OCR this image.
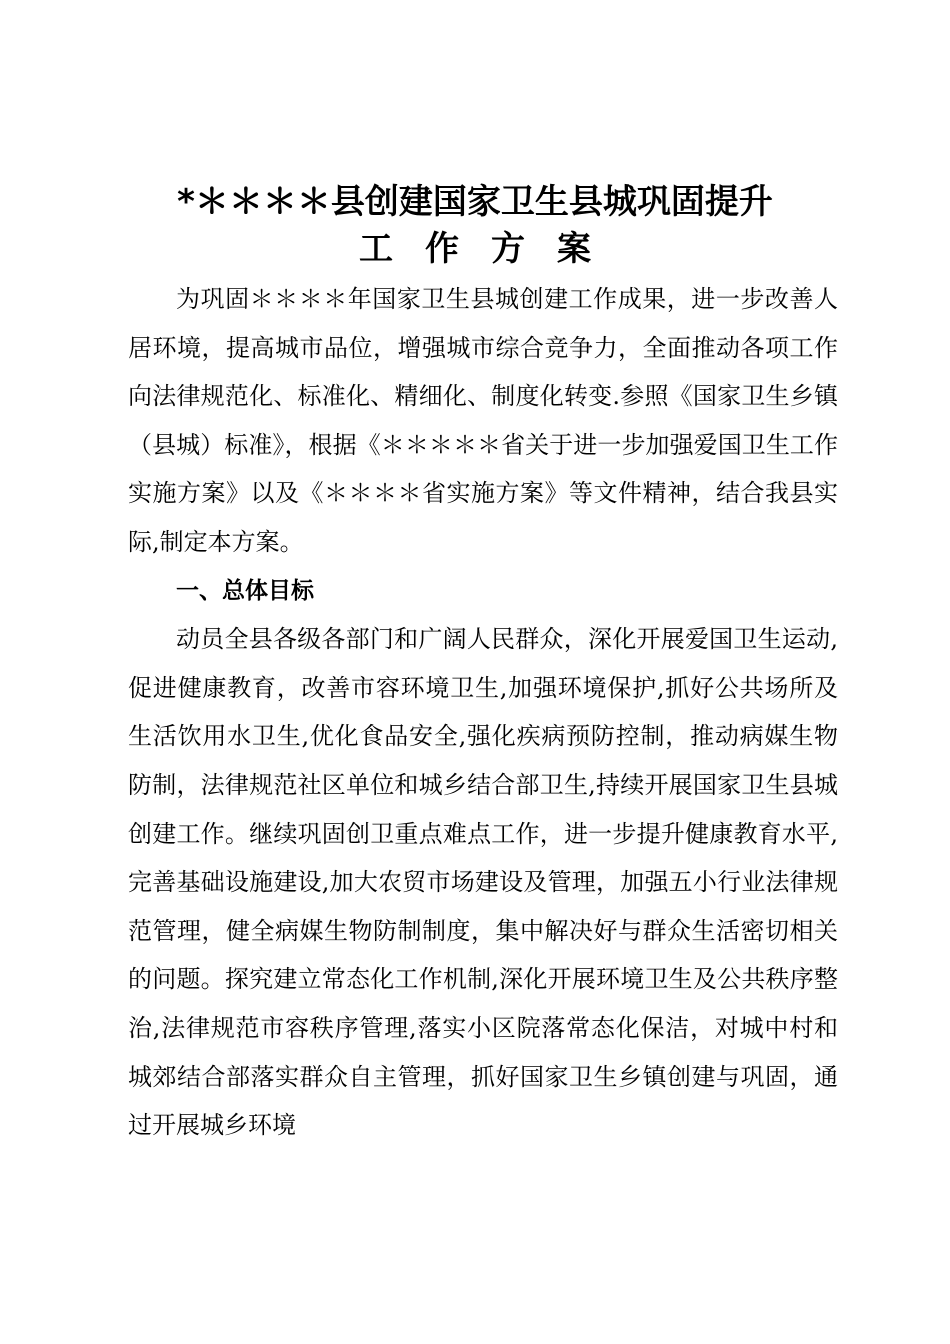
*＊＊＊＊县创建国家卫生县城巩固提升
工作方案

为巩固＊＊＊＊年国家卫生县城创建工作成果，进一步改善人居环境，提高城市品位，增强城市综合竞争力，全面推动各项工作向法律规范化、标准化、精细化、制度化转变.参照《国家卫生乡镇（县城）标准》，根据《＊＊＊＊＊省关于进一步加强爱国卫生工作实施方案》以及《＊＊＊＊省实施方案》等文件精神，结合我县实际,制定本方案。

一、总体目标

动员全县各级各部门和广阔人民群众，深化开展爱国卫生运动,促进健康教育，改善市容环境卫生,加强环境保护,抓好公共场所及生活饮用水卫生,优化食品安全,强化疾病预防控制，推动病媒生物防制，法律规范社区单位和城乡结合部卫生,持续开展国家卫生县城创建工作。继续巩固创卫重点难点工作，进一步提升健康教育水平,完善基础设施建设,加大农贸市场建设及管理，加强五小行业法律规范管理，健全病媒生物防制制度，集中解决好与群众生活密切相关的问题。探究建立常态化工作机制,深化开展环境卫生及公共秩序整治,法律规范市容秩序管理,落实小区院落常态化保洁，对城中村和城郊结合部落实群众自主管理，抓好国家卫生乡镇创建与巩固，通过开展城乡环境
